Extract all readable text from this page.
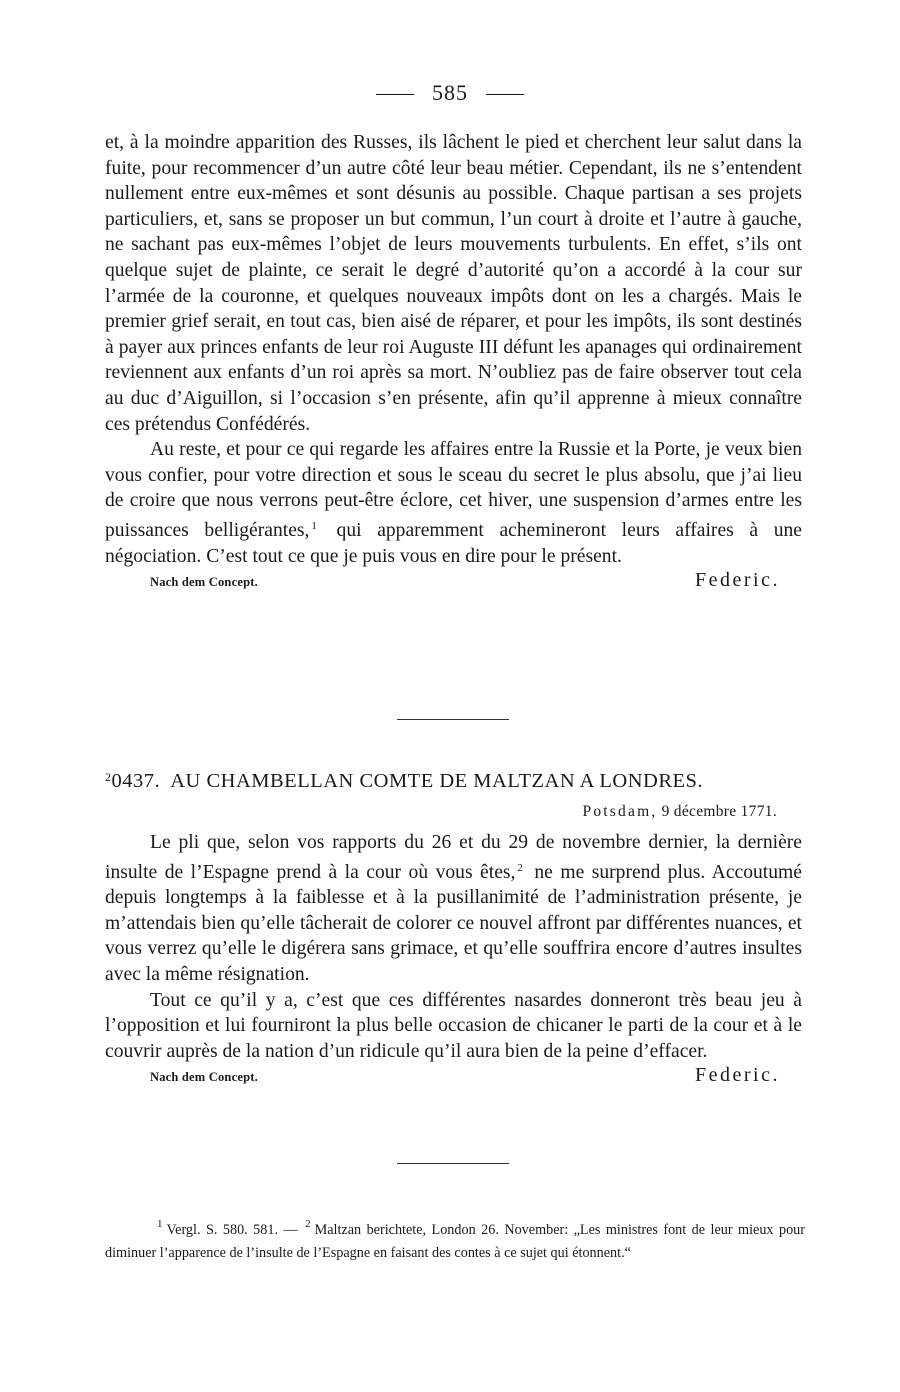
585

et, à la moindre apparition des Russes, ils lâchent le pied et cherchent leur salut dans la fuite, pour recommencer d’un autre côté leur beau métier. Cependant, ils ne s’entendent nullement entre eux-mêmes et sont désunis au possible. Chaque partisan a ses projets particuliers, et, sans se proposer un but commun, l’un court à droite et l’autre à gauche, ne sachant pas eux-mêmes l’objet de leurs mouvements turbulents. En effet, s’ils ont quelque sujet de plainte, ce serait le degré d’autorité qu’on a accordé à la cour sur l’armée de la couronne, et quelques nouveaux impôts dont on les a chargés. Mais le premier grief serait, en tout cas, bien aisé de réparer, et pour les impôts, ils sont destinés à payer aux princes enfants de leur roi Auguste III défunt les apanages qui ordinairement reviennent aux enfants d’un roi après sa mort. N’oubliez pas de faire observer tout cela au duc d’Aiguillon, si l’occasion s’en présente, afin qu’il apprenne à mieux connaître ces prétendus Confédérés.

Au reste, et pour ce qui regarde les affaires entre la Russie et la Porte, je veux bien vous confier, pour votre direction et sous le sceau du secret le plus absolu, que j’ai lieu de croire que nous verrons peut-être éclore, cet hiver, une suspension d’armes entre les puissances belligérantes, $^1$ qui apparemment achemineront leurs affaires à une négociation. C’est tout ce que je puis vous en dire pour le présent.

Nach dem Concept.	Federic.
$^2$0437. AU CHAMBELLAN COMTE DE MALTZAN A LONDRES.
Potsdam, 9 décembre 1771.

Le pli que, selon vos rapports du 26 et du 29 de novembre dernier, la dernière insulte de l’Espagne prend à la cour où vous êtes, $^2$ ne me surprend plus. Accoutumé depuis longtemps à la faiblesse et à la pusillanimité de l’administration présente, je m’attendais bien qu’elle tâcherait de colorer ce nouvel affront par différentes nuances, et vous verrez qu’elle le digérera sans grimace, et qu’elle souffrira encore d’autres insultes avec la même résignation.

Tout ce qu’il y a, c’est que ces différentes nasardes donneront très beau jeu à l’opposition et lui fourniront la plus belle occasion de chicaner le parti de la cour et à le couvrir auprès de la nation d’un ridicule qu’il aura bien de la peine d’effacer.

Nach dem Concept.	Federic.
$^1$ Vergl. S. 580. 581. — $^2$ Maltzan berichtete, London 26. November: „Les ministres font de leur mieux pour diminuer l’apparence de l’insulte de l’Espagne en faisant des contes à ce sujet qui étonnent.“
